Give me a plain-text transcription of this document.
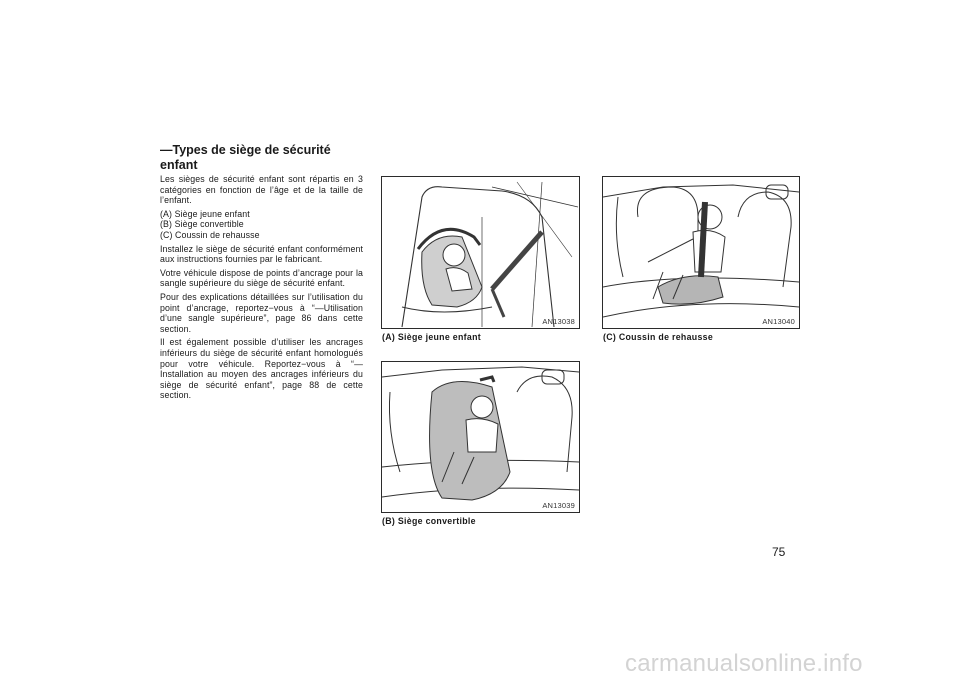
—Types de siège de sécurité enfant

Les sièges de sécurité enfant sont répartis en 3 catégories en fonction de l’âge et de la taille de l’enfant.

(A) Siège jeune enfant
(B) Siège convertible
(C) Coussin de rehausse

Installez le siège de sécurité enfant conformément aux instructions fournies par le fabricant.

Votre véhicule dispose de points d’ancrage pour la sangle supérieure du siège de sécurité enfant.

Pour des explications détaillées sur l’utilisation du point d’ancrage, reportez−vous à “—Utilisation d’une sangle supérieure”, page 86 dans cette section.

Il est également possible d’utiliser les ancrages inférieurs du siège de sécurité enfant homologués pour votre véhicule. Reportez−vous à “—Installation au moyen des ancrages inférieurs du siège de sécurité enfant”, page 88 de cette section.

AN13038
(A) Siège jeune enfant
AN13040
(C) Coussin de rehausse
AN13039
(B) Siège convertible
75
carmanualsonline.info
